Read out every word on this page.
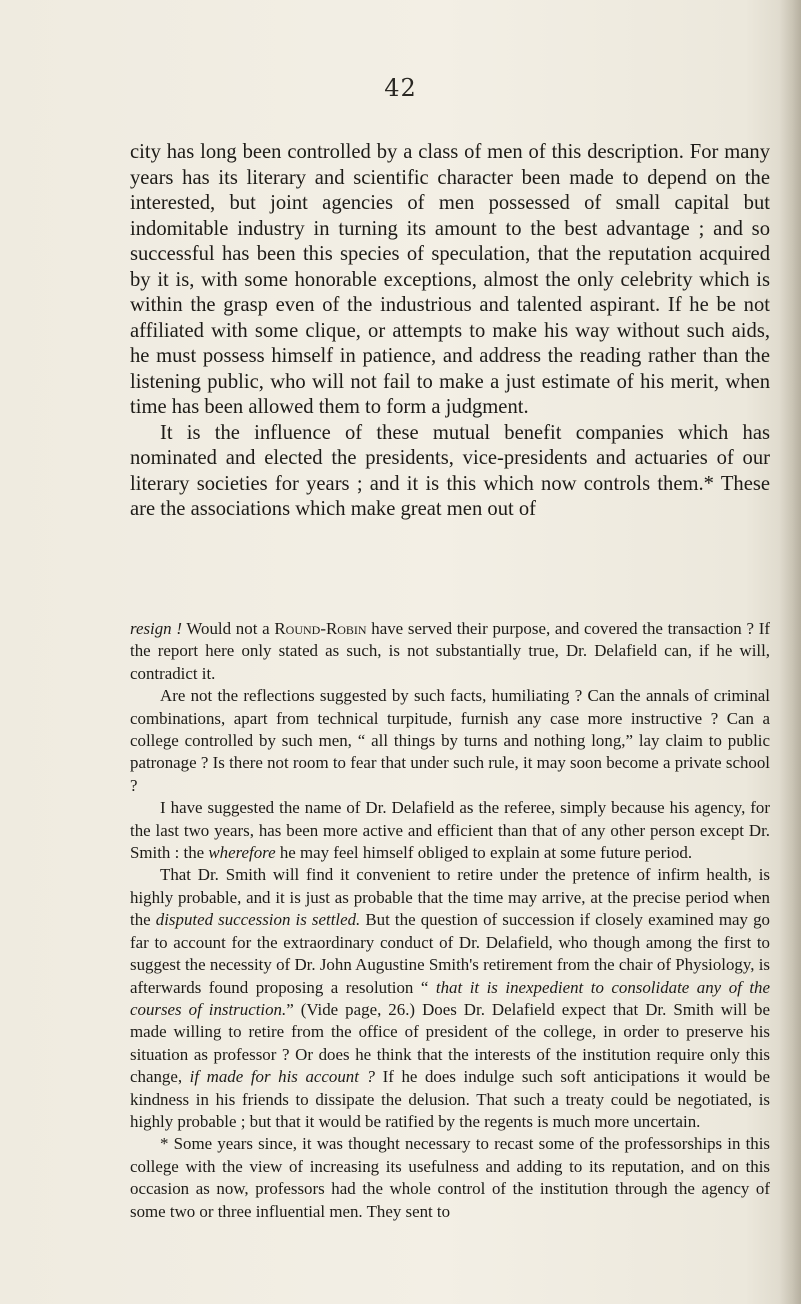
42

city has long been controlled by a class of men of this description. For many years has its literary and scientific character been made to depend on the interested, but joint agencies of men possessed of small capital but indomitable industry in turning its amount to the best advantage ; and so successful has been this species of speculation, that the reputation acquired by it is, with some honorable exceptions, almost the only celebrity which is within the grasp even of the industrious and talented aspirant. If he be not affiliated with some clique, or attempts to make his way without such aids, he must possess himself in patience, and address the reading rather than the listening public, who will not fail to make a just estimate of his merit, when time has been allowed them to form a judgment.

It is the influence of these mutual benefit companies which has nominated and elected the presidents, vice-presidents and actuaries of our literary societies for years ; and it is this which now controls them.* These are the associations which make great men out of

resign ! Would not a Round-Robin have served their purpose, and covered the transaction ? If the report here only stated as such, is not substantially true, Dr. Delafield can, if he will, contradict it.

Are not the reflections suggested by such facts, humiliating ? Can the annals of criminal combinations, apart from technical turpitude, furnish any case more instructive ? Can a college controlled by such men, “ all things by turns and nothing long,” lay claim to public patronage ? Is there not room to fear that under such rule, it may soon become a private school ?

I have suggested the name of Dr. Delafield as the referee, simply because his agency, for the last two years, has been more active and efficient than that of any other person except Dr. Smith : the wherefore he may feel himself obliged to explain at some future period.

That Dr. Smith will find it convenient to retire under the pretence of infirm health, is highly probable, and it is just as probable that the time may arrive, at the precise period when the disputed succession is settled. But the question of succession if closely examined may go far to account for the extraordinary conduct of Dr. Delafield, who though among the first to suggest the necessity of Dr. John Augustine Smith's retirement from the chair of Physiology, is afterwards found proposing a resolution “ that it is inexpedient to consolidate any of the courses of instruction.” (Vide page, 26.) Does Dr. Delafield expect that Dr. Smith will be made willing to retire from the office of president of the college, in order to preserve his situation as professor ? Or does he think that the interests of the institution require only this change, if made for his account ? If he does indulge such soft anticipations it would be kindness in his friends to dissipate the delusion. That such a treaty could be negotiated, is highly probable ; but that it would be ratified by the regents is much more uncertain.

* Some years since, it was thought necessary to recast some of the professorships in this college with the view of increasing its usefulness and adding to its reputation, and on this occasion as now, professors had the whole control of the institution through the agency of some two or three influential men. They sent to
